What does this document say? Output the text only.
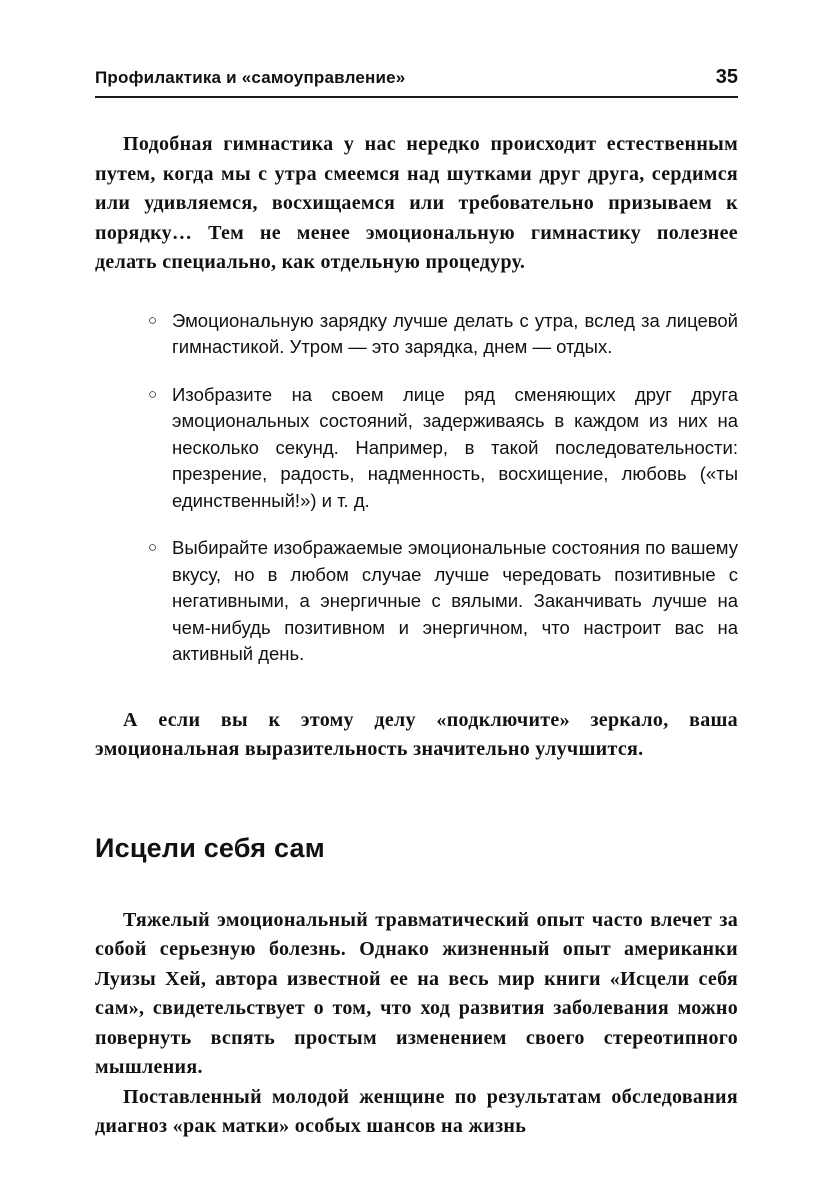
Профилактика и «самоуправление»	35

Подобная гимнастика у нас нередко происходит естественным путем, когда мы с утра смеемся над шутками друг друга, сердимся или удивляемся, восхищаемся или требовательно призываем к порядку… Тем не менее эмоциональную гимнастику полезнее делать специально, как отдельную процедуру.

○ Эмоциональную зарядку лучше делать с утра, вслед за лицевой гимнастикой. Утром — это зарядка, днем — отдых.
○ Изобразите на своем лице ряд сменяющих друг друга эмоциональных состояний, задерживаясь в каждом из них на несколько секунд. Например, в такой последовательности: презрение, радость, надменность, восхищение, любовь («ты единственный!») и т. д.
○ Выбирайте изображаемые эмоциональные состояния по вашему вкусу, но в любом случае лучше чередовать позитивные с негативными, а энергичные с вялыми. Заканчивать лучше на чем-нибудь позитивном и энергичном, что настроит вас на активный день.

А если вы к этому делу «подключите» зеркало, ваша эмоциональная выразительность значительно улучшится.

Исцели себя сам

Тяжелый эмоциональный травматический опыт часто влечет за собой серьезную болезнь. Однако жизненный опыт американки Луизы Хей, автора известной ее на весь мир книги «Исцели себя сам», свидетельствует о том, что ход развития заболевания можно повернуть вспять простым изменением своего стереотипного мышления.

Поставленный молодой женщине по результатам обследования диагноз «рак матки» особых шансов на жизнь
